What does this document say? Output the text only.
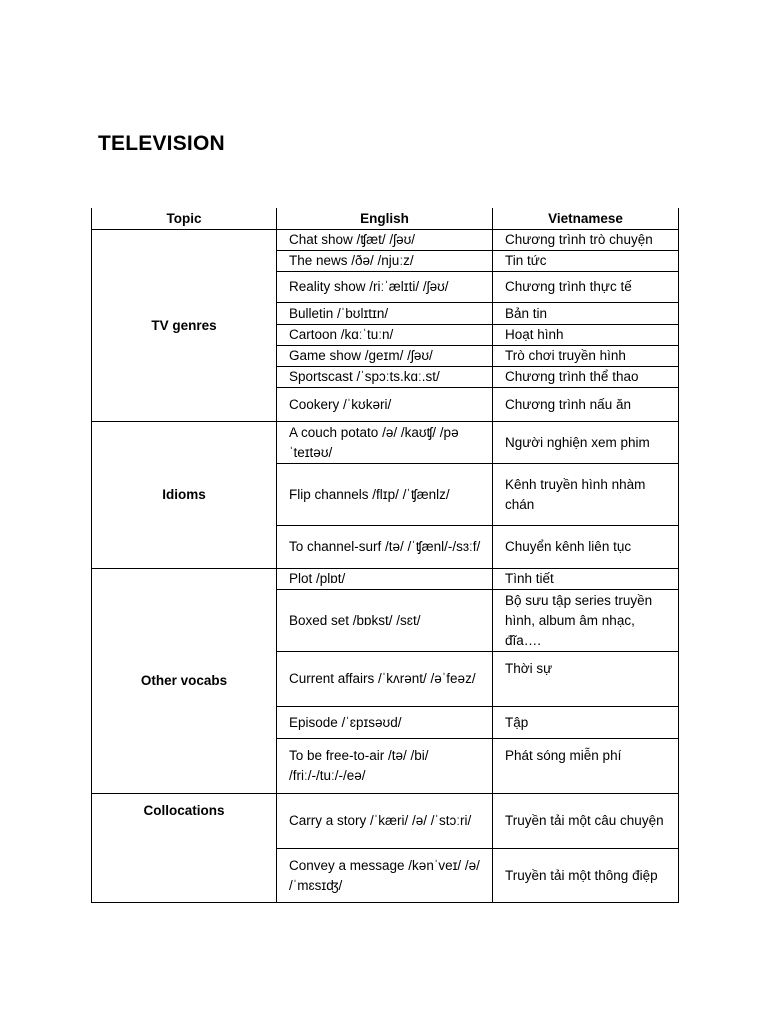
TELEVISION
Topic	English	Vietnamese
TV genres	Chat show /ʧæt/ /ʃəʊ/	Chương trình trò chuyện
	The news /ðə/ /njuːz/	Tin tức
	Reality show /riːˈælɪti/ /ʃəʊ/	Chương trình thực tế
	Bulletin /ˈbʊlɪtɪn/	Bản tin
	Cartoon /kɑːˈtuːn/	Hoạt hình
	Game show /geɪm/ /ʃəʊ/	Trò chơi truyền hình
	Sportscast /ˈspɔːts.kɑː.st/	Chương trình thể thao
	Cookery /ˈkʊkəri/	Chương trình nấu ăn
Idioms	A couch potato /ə/ /kaʊʧ/ /pəˈteɪtəʊ/	Người nghiện xem phim
	Flip channels /flɪp/ /ˈʧænlz/	Kênh truyền hình nhàm chán
	To channel-surf /tə/ /ˈʧænl/-/sɜːf/	Chuyển kênh liên tục
Other vocabs	Plot /plɒt/	Tình tiết
	Boxed set /bɒkst/ /sɛt/	Bộ sưu tập series truyền hình, album âm nhạc, đĩa….
	Current affairs /ˈkʌrənt/ /əˈfeəz/	Thời sự
	Episode /ˈɛpɪsəʊd/	Tập
	To be free-to-air /tə/ /bi/ /friː/-/tuː/-/eə/	Phát sóng miễn phí
Collocations	Carry a story /ˈkæri/ /ə/ /ˈstɔːri/	Truyền tải một câu chuyện
	Convey a message /kənˈveɪ/ /ə/ /ˈmɛsɪʤ/	Truyền tải một thông điệp
